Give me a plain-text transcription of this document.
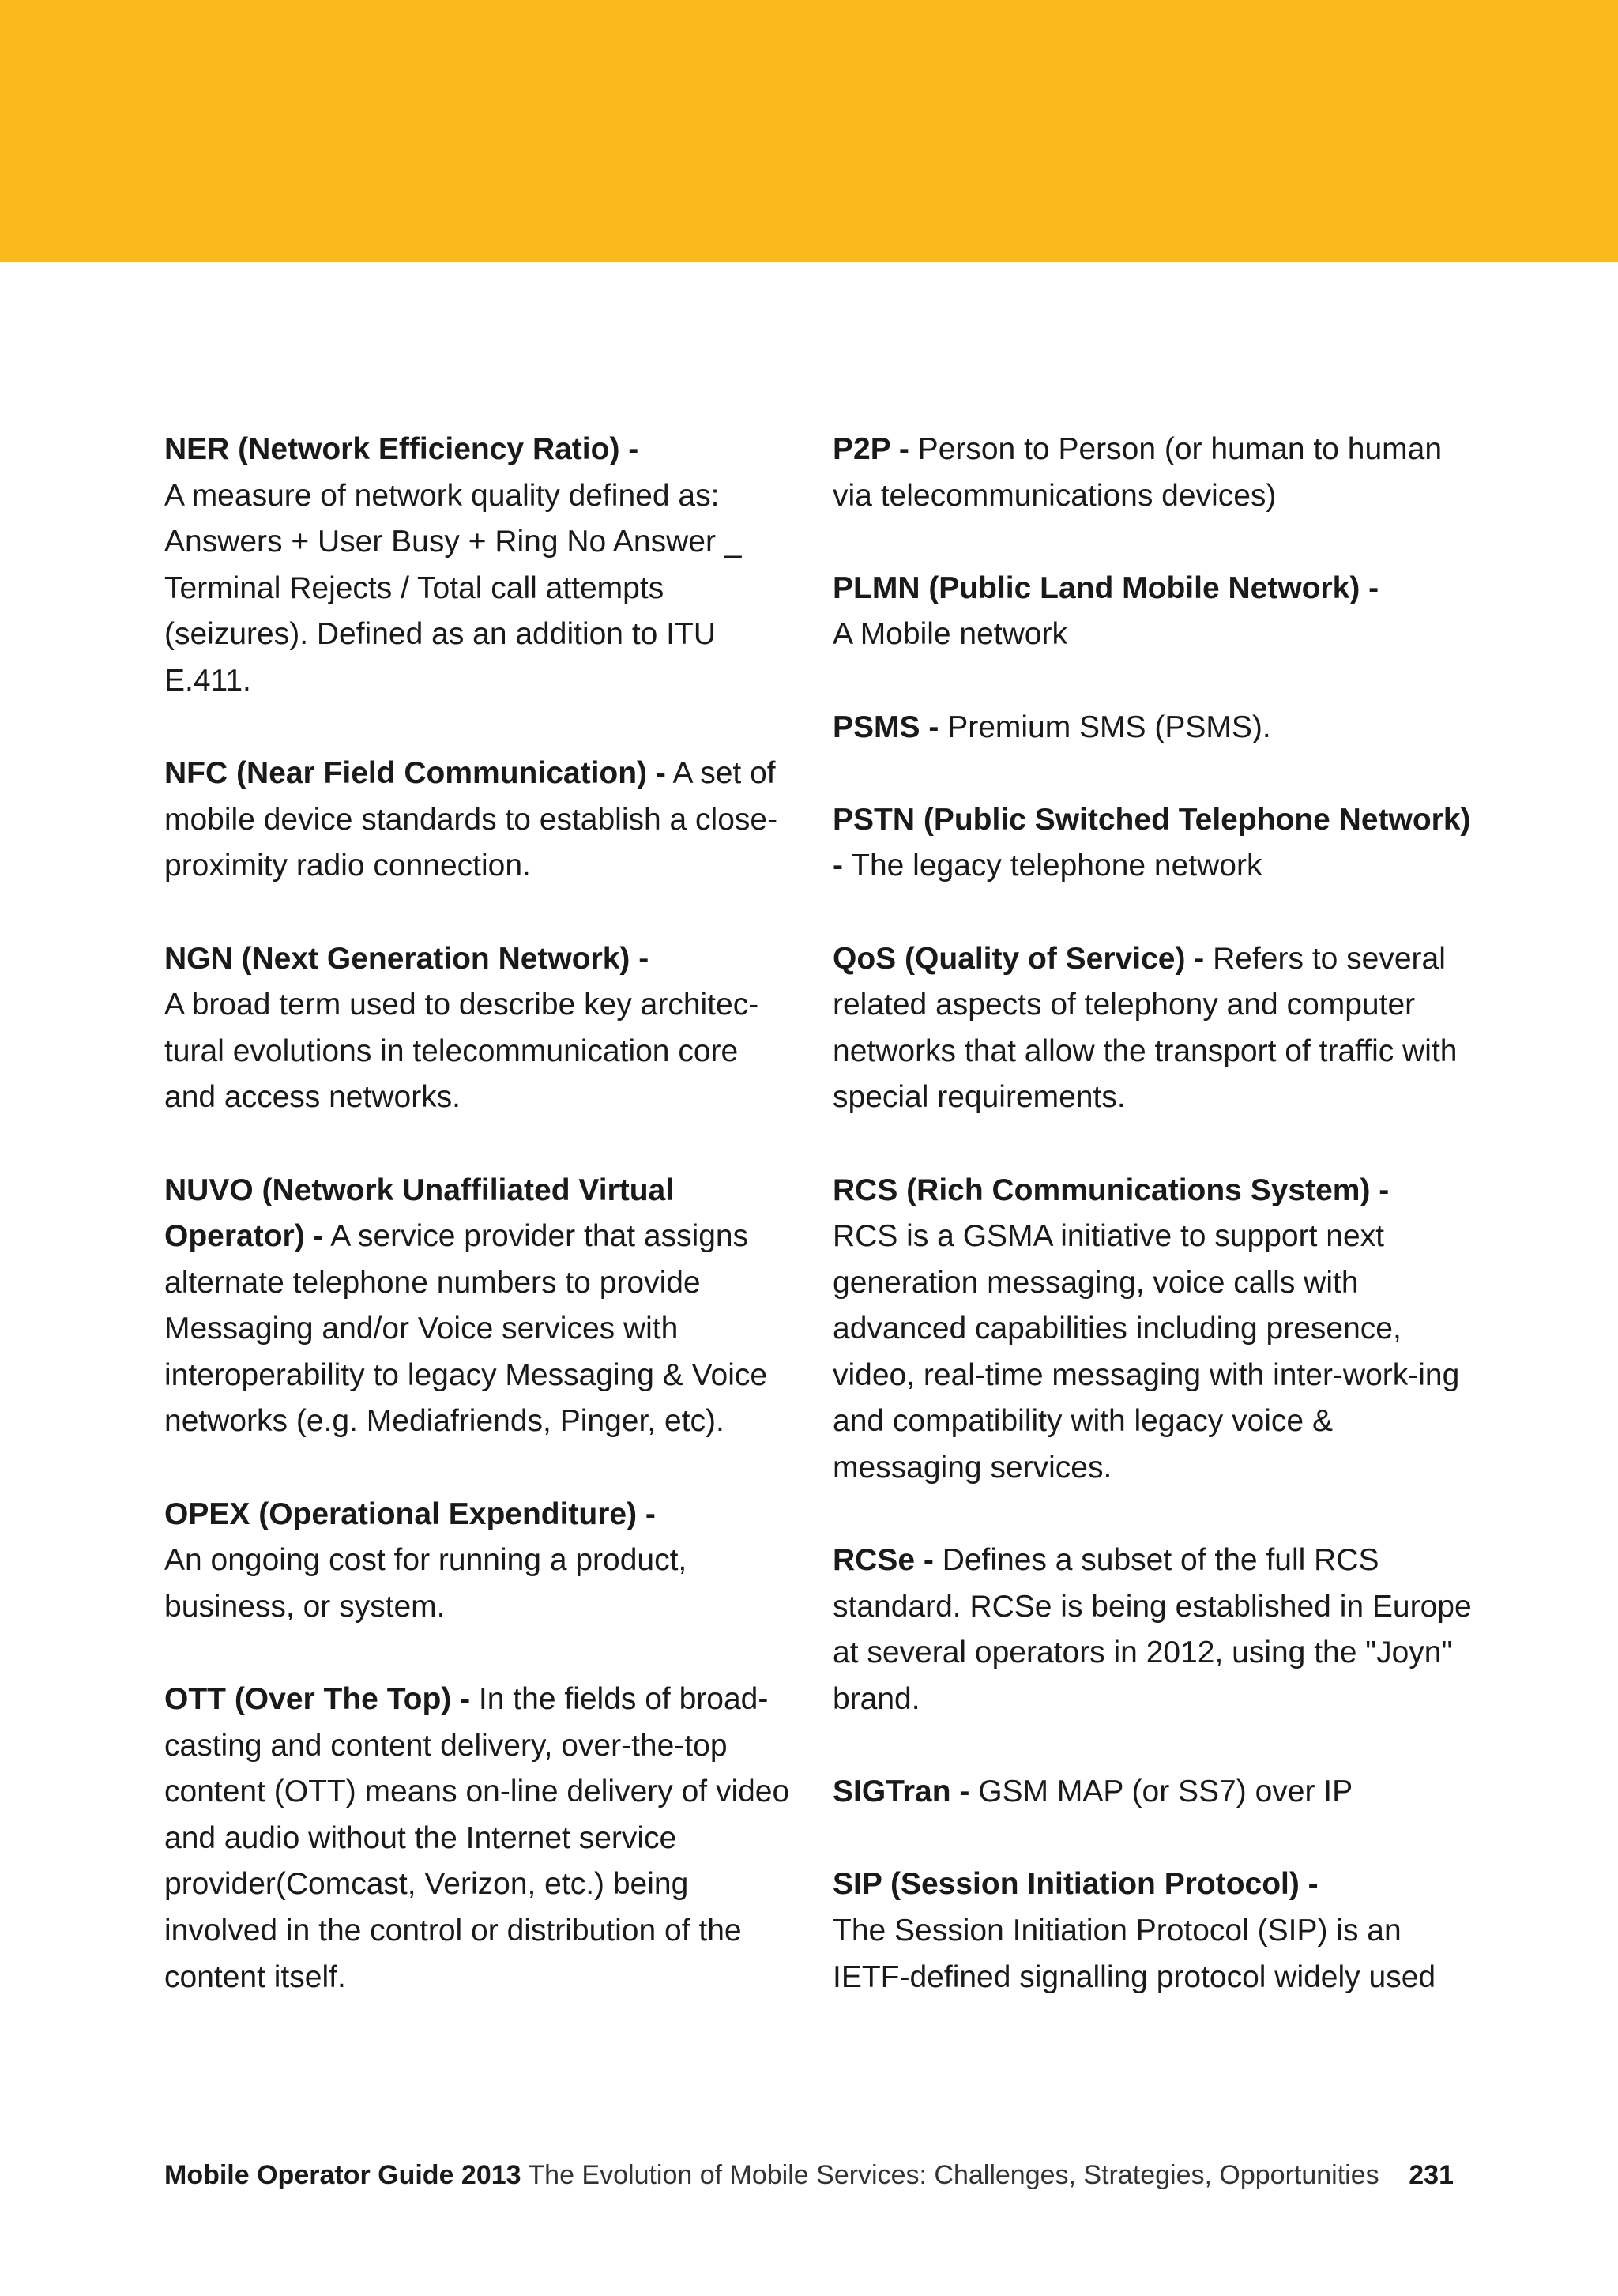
NER (Network Efficiency Ratio) -
A measure of network quality defined as: Answers + User Busy + Ring No Answer _ Terminal Rejects / Total call attempts (seizures). Defined as an addition to ITU E.411.
NFC (Near Field Communication) - A set of mobile device standards to establish a close-proximity radio connection.
NGN (Next Generation Network) -
A broad term used to describe key architec-tural evolutions in telecommunication core and access networks.
NUVO (Network Unaffiliated Virtual Operator) - A service provider that assigns alternate telephone numbers to provide Messaging and/or Voice services with interoperability to legacy Messaging & Voice networks (e.g. Mediafriends, Pinger, etc).
OPEX (Operational Expenditure) -
An ongoing cost for running a product, business, or system.
OTT (Over The Top) - In the fields of broad-casting and content delivery, over-the-top content (OTT) means on-line delivery of video and audio without the Internet service provider(Comcast, Verizon, etc.) being involved in the control or distribution of the content itself.
P2P - Person to Person (or human to human via telecommunications devices)
PLMN (Public Land Mobile Network) -
A Mobile network
PSMS - Premium SMS (PSMS).
PSTN (Public Switched Telephone Network) - The legacy telephone network
QoS (Quality of Service) - Refers to several related aspects of telephony and computer networks that allow the transport of traffic with special requirements.
RCS (Rich Communications System) -
RCS is a GSMA initiative to support next generation messaging, voice calls with advanced capabilities including presence, video, real-time messaging with inter-work-ing and compatibility with legacy voice & messaging services.
RCSe - Defines a subset of the full RCS standard. RCSe is being established in Europe at several operators in 2012, using the "Joyn" brand.
SIGTran - GSM MAP (or SS7) over IP
SIP (Session Initiation Protocol) -
The Session Initiation Protocol (SIP) is an IETF-defined signalling protocol widely used
Mobile Operator Guide 2013 The Evolution of Mobile Services: Challenges, Strategies, Opportunities 231
